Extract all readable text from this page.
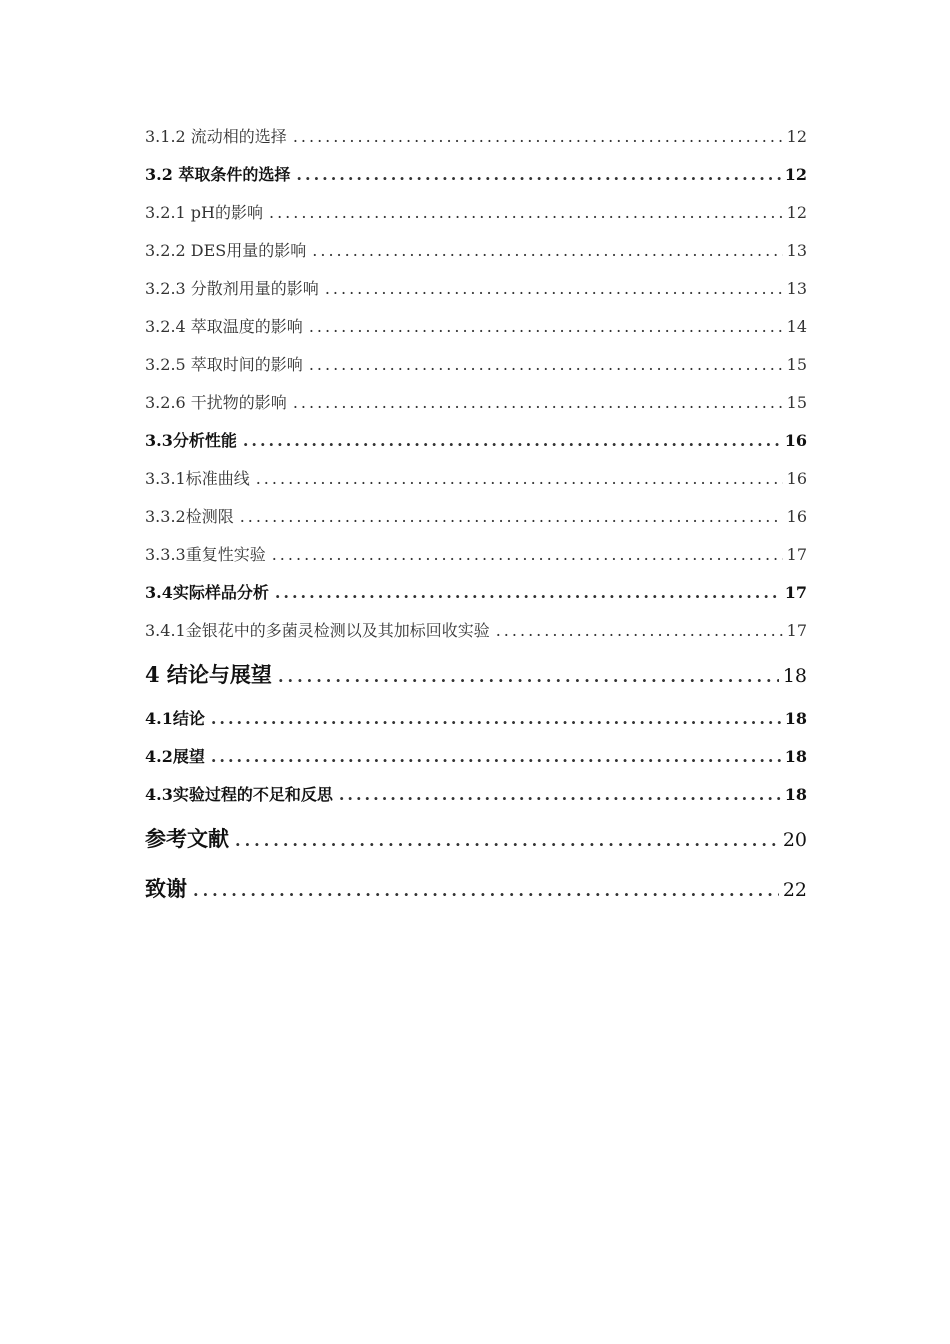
3.1.2 流动相的选择 .....	12
3.2 萃取条件的选择 .....	12
3.2.1 pH的影响 .....	12
3.2.2 DES用量的影响 .....	13
3.2.3 分散剂用量的影响 .....	13
3.2.4 萃取温度的影响 .....	14
3.2.5 萃取时间的影响 .....	15
3.2.6 干扰物的影响 .....	15
3.3分析性能 .....	16
3.3.1标准曲线 .....	16
3.3.2检测限 .....	16
3.3.3重复性实验 .....	17
3.4实际样品分析 .....	17
3.4.1金银花中的多菌灵检测以及其加标回收实验 .....	17
4 结论与展望 .....	18
4.1结论 .....	18
4.2展望 .....	18
4.3实验过程的不足和反思 .....	18
参考文献 .....	20
致谢 .....	22
